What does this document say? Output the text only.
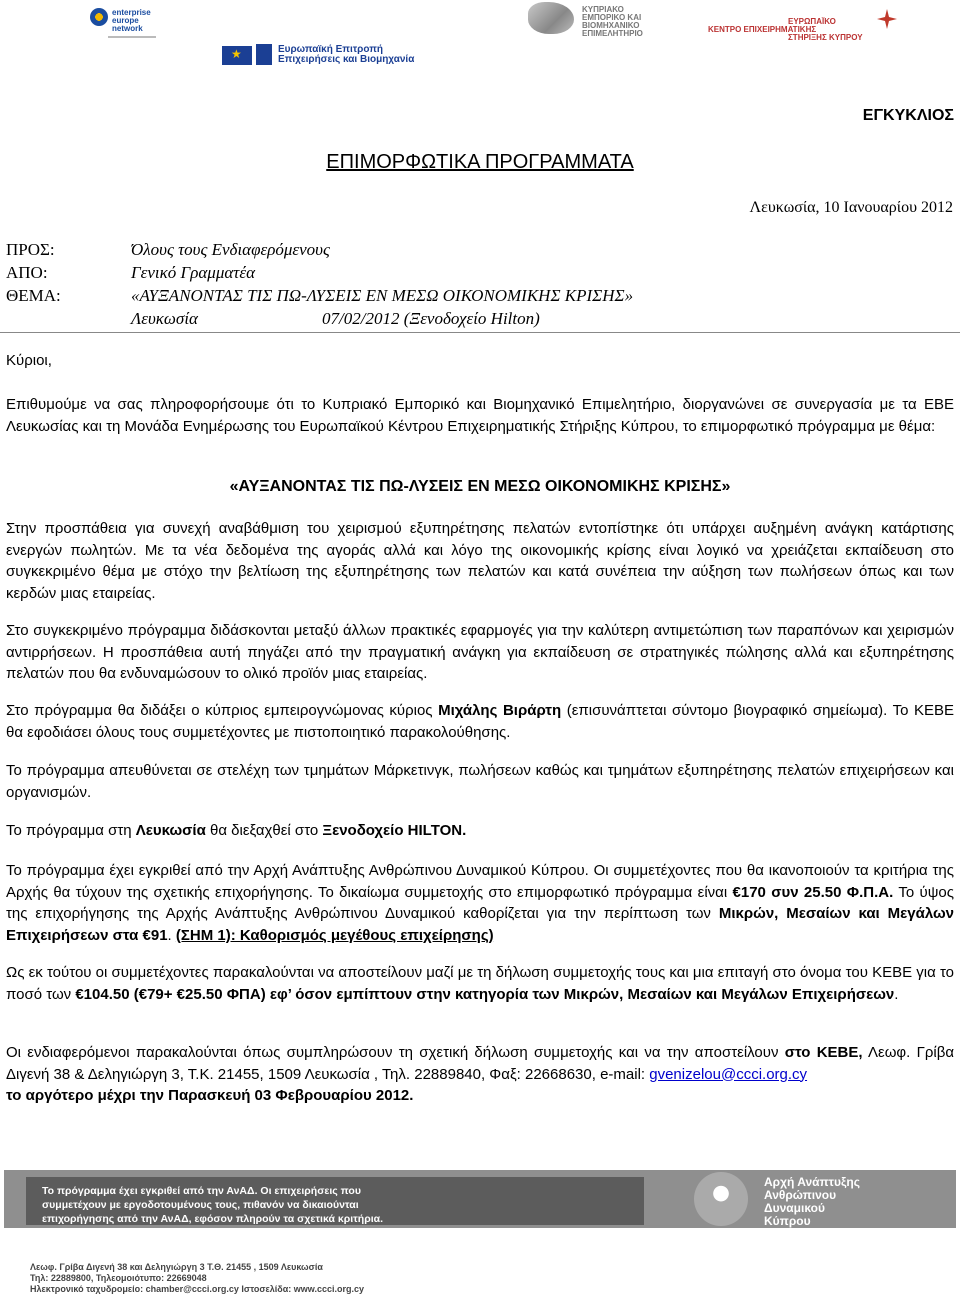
enterprise
europe
network
ΚΥΠΡΙΑΚΟ
ΕΜΠΟΡΙΚΟ ΚΑΙ
ΒΙΟΜΗΧΑΝΙΚΟ
ΕΠΙΜΕΛΗΤΗΡΙΟ
ΕΥΡΩΠΑΪΚΟ
ΚΕΝΤΡΟ ΕΠΙΧΕΙΡΗΜΑΤΙΚΗΣ
ΣΤΗΡΙΞΗΣ ΚΥΠΡΟΥ
★
Ευρωπαϊκή Επιτροπή
Επιχειρήσεις και Βιομηχανία
ΕΓΚΥΚΛΙΟΣ
ΕΠΙΜΟΡΦΩΤΙΚΑ ΠΡΟΓΡΑΜΜΑΤΑ
Λευκωσία, 10 Ιανουαρίου 2012
ΠΡΟΣ:	Όλους τους Ενδιαφερόμενους
ΑΠΟ:	Γενικό Γραμματέα
ΘΕΜΑ:	«ΑΥΞΑΝΟΝΤΑΣ ΤΙΣ ΠΩ-ΛΥΣΕΙΣ ΕΝ ΜΕΣΩ ΟΙΚΟΝΟΜΙΚΗΣ ΚΡΙΣΗΣ»
Λευκωσία	07/02/2012 (Ξενοδοχείο Hilton)
Κύριοι,
Επιθυμούμε να σας πληροφορήσουμε ότι το Κυπριακό Εμπορικό και Βιομηχανικό Επιμελητήριο, διοργανώνει σε συνεργασία με τα ΕΒΕ Λευκωσίας και τη Μονάδα Ενημέρωσης του Ευρωπαϊκού Κέντρου Επιχειρηματικής Στήριξης Κύπρου, το επιμορφωτικό πρόγραμμα με θέμα:
«ΑΥΞΑΝΟΝΤΑΣ ΤΙΣ ΠΩ-ΛΥΣΕΙΣ ΕΝ ΜΕΣΩ ΟΙΚΟΝΟΜΙΚΗΣ ΚΡΙΣΗΣ»
Στην προσπάθεια για συνεχή αναβάθμιση του χειρισμού εξυπηρέτησης πελατών εντοπίστηκε ότι υπάρχει αυξημένη ανάγκη κατάρτισης ενεργών πωλητών. Με τα νέα δεδομένα της αγοράς αλλά και λόγο της οικονομικής κρίσης είναι λογικό να χρειάζεται εκπαίδευση στο συγκεκριμένο θέμα με στόχο την βελτίωση της εξυπηρέτησης των πελατών και κατά συνέπεια την αύξηση των πωλήσεων όπως και των κερδών μιας εταιρείας.
Στο συγκεκριμένο πρόγραμμα διδάσκονται μεταξύ άλλων πρακτικές εφαρμογές για την καλύτερη αντιμετώπιση των παραπόνων και χειρισμών αντιρρήσεων. Η προσπάθεια αυτή πηγάζει από την πραγματική ανάγκη για εκπαίδευση σε στρατηγικές πώλησης αλλά και εξυπηρέτησης πελατών που θα ενδυναμώσουν το ολικό προϊόν μιας εταιρείας.
Στο πρόγραμμα θα διδάξει ο κύπριος εμπειρογνώμονας κύριος Μιχάλης Βιράρτη (επισυνάπτεται σύντομο βιογραφικό σημείωμα). Το ΚΕΒΕ θα εφοδιάσει όλους τους συμμετέχοντες με πιστοποιητικό παρακολούθησης.
Το πρόγραμμα απευθύνεται σε στελέχη των τμημάτων Μάρκετινγκ, πωλήσεων καθώς και τμημάτων εξυπηρέτησης πελατών επιχειρήσεων και οργανισμών.
Το πρόγραμμα στη Λευκωσία θα διεξαχθεί στο Ξενοδοχείο HILTON.
Το πρόγραμμα έχει εγκριθεί από την Αρχή Ανάπτυξης Ανθρώπινου Δυναμικού Κύπρου. Οι συμμετέχοντες που θα ικανοποιούν τα κριτήρια της Αρχής θα τύχουν της σχετικής επιχορήγησης. Το δικαίωμα συμμετοχής στο επιμορφωτικό πρόγραμμα είναι €170 συν 25.50 Φ.Π.Α. Το ύψος της επιχορήγησης της Αρχής Ανάπτυξης Ανθρώπινου Δυναμικού καθορίζεται για την περίπτωση των Μικρών, Μεσαίων και Μεγάλων Επιχειρήσεων στα €91. (ΣΗΜ 1): Καθορισμός μεγέθους επιχείρησης)
Ως εκ τούτου οι συμμετέχοντες παρακαλούνται να αποστείλουν μαζί με τη δήλωση συμμετοχής τους και μια επιταγή στο όνομα του ΚΕΒΕ για το ποσό των €104.50 (€79+ €25.50 ΦΠΑ) εφ’ όσον εμπίπτουν στην κατηγορία των Μικρών, Μεσαίων και Μεγάλων Επιχειρήσεων.
Οι ενδιαφερόμενοι παρακαλούνται όπως συμπληρώσουν τη σχετική δήλωση συμμετοχής και να την αποστείλουν στο ΚΕΒΕ, Λεωφ. Γρίβα Διγενή 38 & Δεληγιώργη 3, Τ.Κ. 21455, 1509 Λευκωσία , Τηλ. 22889840, Φαξ: 22668630, e-mail: gvenizelou@ccci.org.cy
το αργότερο μέχρι την Παρασκευή 03 Φεβρουαρίου 2012.
Το πρόγραμμα έχει εγκριθεί από την ΑνΑΔ. Οι επιχειρήσεις που
συμμετέχουν με εργοδοτουμένους τους, πιθανόν να δικαιούνται
επιχορήγησης από την ΑνΑΔ, εφόσον πληρούν τα σχετικά κριτήρια.
Αρχή Ανάπτυξης
Ανθρώπινου
Δυναμικού
Κύπρου
Λεωφ. Γρίβα Διγενή 38 και Δεληγιώργη 3 Τ.Θ. 21455 , 1509 Λευκωσία
Τηλ: 22889800, Τηλεομοιότυπο: 22669048
Ηλεκτρονικό ταχυδρομείο: chamber@ccci.org.cy Ιστοσελίδα: www.ccci.org.cy
